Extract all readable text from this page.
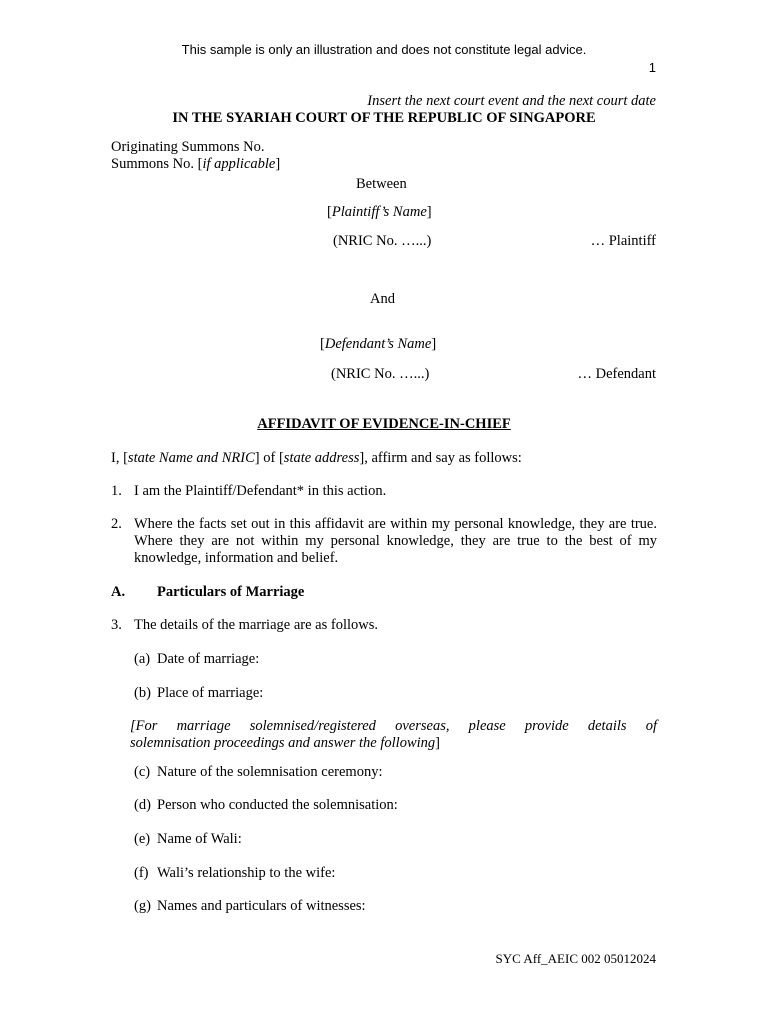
This sample is only an illustration and does not constitute legal advice.
1
Insert the next court event and the next court date
IN THE SYARIAH COURT OF THE REPUBLIC OF SINGAPORE
Originating Summons No.
Summons No. [if applicable]
Between
[Plaintiff’s Name]
(NRIC No. …...)	… Plaintiff
And
[Defendant’s Name]
(NRIC No. …...)	… Defendant
AFFIDAVIT OF EVIDENCE-IN-CHIEF
I, [state Name and NRIC] of [state address], affirm and say as follows:
1. I am the Plaintiff/Defendant* in this action.
2. Where the facts set out in this affidavit are within my personal knowledge, they are true. Where they are not within my personal knowledge, they are true to the best of my knowledge, information and belief.
A. Particulars of Marriage
3. The details of the marriage are as follows.
(a) Date of marriage:
(b) Place of marriage:
[For marriage solemnised/registered overseas, please provide details of
solemnisation proceedings and answer the following]
(c) Nature of the solemnisation ceremony:
(d) Person who conducted the solemnisation:
(e) Name of Wali:
(f) Wali’s relationship to the wife:
(g) Names and particulars of witnesses:
SYC Aff_AEIC 002 05012024
